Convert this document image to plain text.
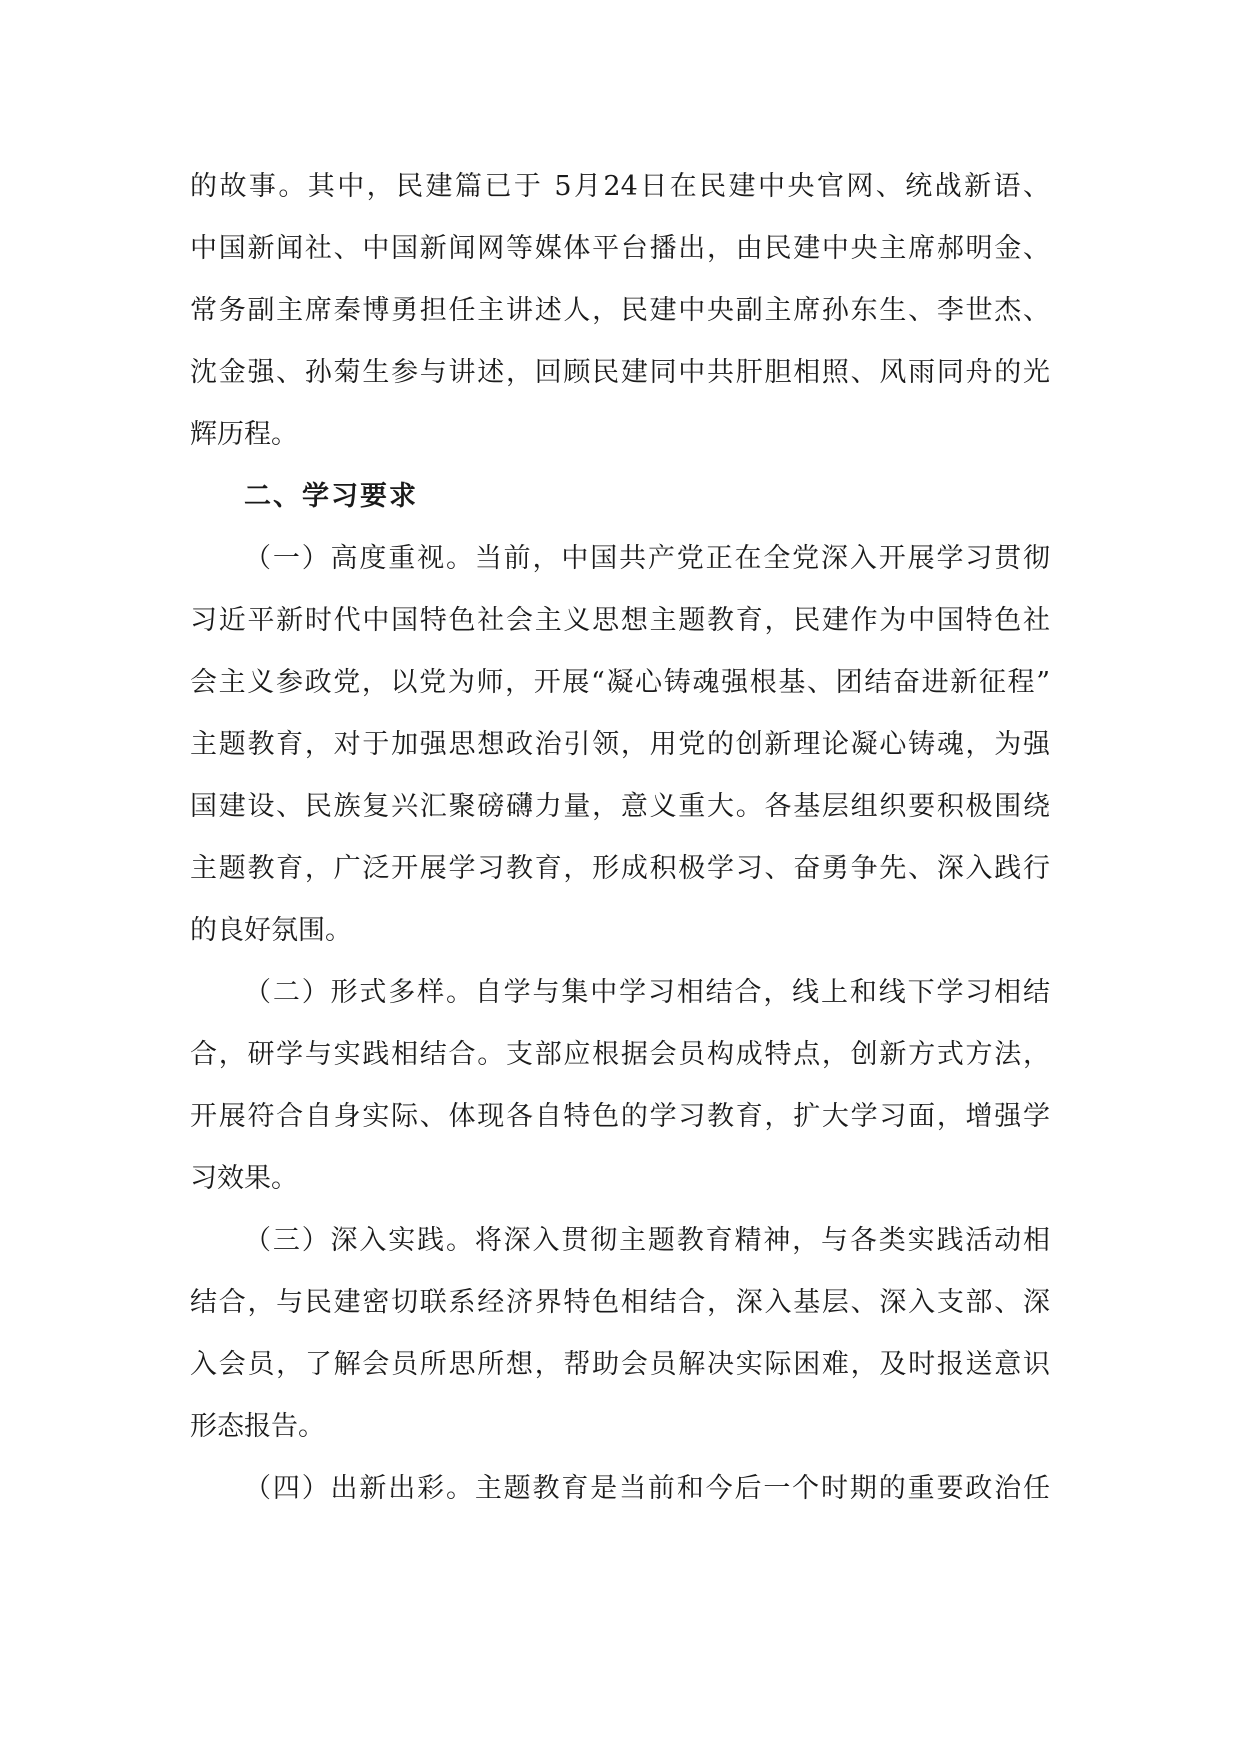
的故事。其中，民建篇已于 5月24日在民建中央官网、统战新语、
中国新闻社、中国新闻网等媒体平台播出，由民建中央主席郝明金、
常务副主席秦博勇担任主讲述人，民建中央副主席孙东生、李世杰、
沈金强、孙菊生参与讲述，回顾民建同中共肝胆相照、风雨同舟的光
辉历程。
二、学习要求
（一）高度重视。当前，中国共产党正在全党深入开展学习贯彻
习近平新时代中国特色社会主义思想主题教育，民建作为中国特色社
会主义参政党，以党为师，开展“凝心铸魂强根基、团结奋进新征程”
主题教育，对于加强思想政治引领，用党的创新理论凝心铸魂，为强
国建设、民族复兴汇聚磅礴力量，意义重大。各基层组织要积极围绕
主题教育，广泛开展学习教育，形成积极学习、奋勇争先、深入践行
的良好氛围。
（二）形式多样。自学与集中学习相结合，线上和线下学习相结
合，研学与实践相结合。支部应根据会员构成特点，创新方式方法，
开展符合自身实际、体现各自特色的学习教育，扩大学习面，增强学
习效果。
（三）深入实践。将深入贯彻主题教育精神，与各类实践活动相
结合，与民建密切联系经济界特色相结合，深入基层、深入支部、深
入会员，了解会员所思所想，帮助会员解决实际困难，及时报送意识
形态报告。
（四）出新出彩。主题教育是当前和今后一个时期的重要政治任
